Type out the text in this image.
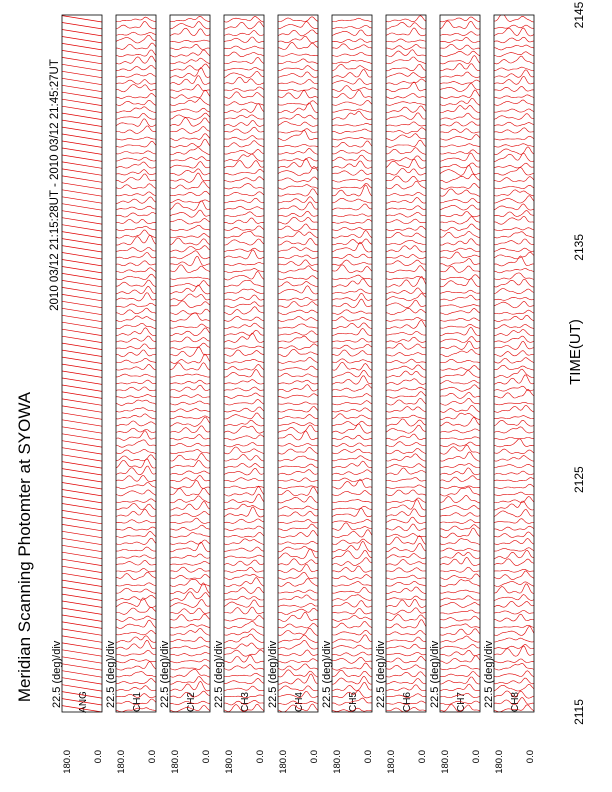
Meridian Scanning Photomter at SYOWA
2010 03/12 21:15:28UT - 2010 03/12 21:45:27UT
TIME(UT)
2115
2125
2135
2145
180.0 0.0
ANG
22.5 (deg)/div
180.0 0.0
CH1
22.5 (deg)/div
180.0 0.0
CH2
22.5 (deg)/div
180.0 0.0
CH3
22.5 (deg)/div
180.0 0.0
CH4
22.5 (deg)/div
180.0 0.0
CH5
22.5 (deg)/div
180.0 0.0
CH6
22.5 (deg)/div
180.0 0.0
CH7
22.5 (deg)/div
180.0 0.0
CH8
22.5 (deg)/div
